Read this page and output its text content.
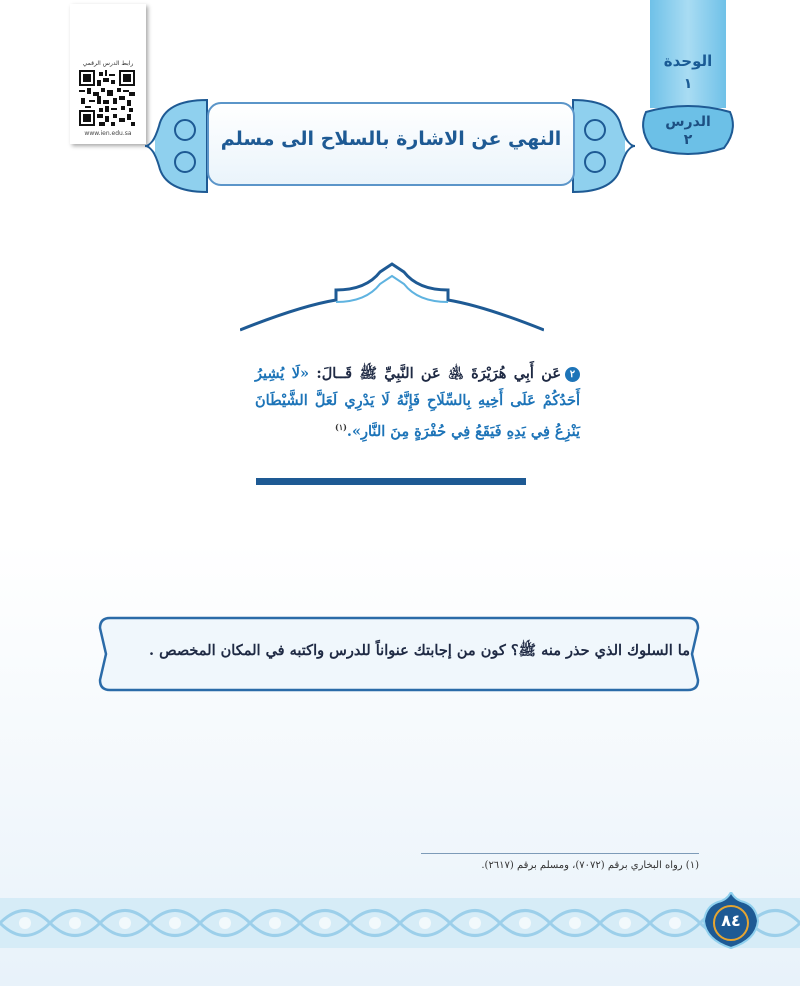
رابط الدرس الرقمي
www.ien.edu.sa
الوحدة
١
الدرس
٢
النهي عن الاشارة بالسلاح الى مسلم
٢عَن أَبِي هُرَيْرَةَ ﵁ عَن النَّبِيِّ ﷺ قَــالَ: «لَا يُشِيرُ أَحَدُكُمْ عَلَى أَخِيهِ بِالسِّلَاحِ فَإِنَّهُ لَا يَدْرِي لَعَلَّ الشَّيْطَانَ يَنْزِعُ فِي يَدِهِ فَيَقَعُ فِي حُفْرَةٍ مِنَ النَّارِ».$^{(١)}$
ما السلوك الذي حذر منه ﷺ؟ كون من إجابتك عنواناً للدرس واكتبه في المكان المخصص .
(١) رواه البخاري برقم (٧٠٧٢)، ومسلم برقم (٢٦١٧).
٨٤
